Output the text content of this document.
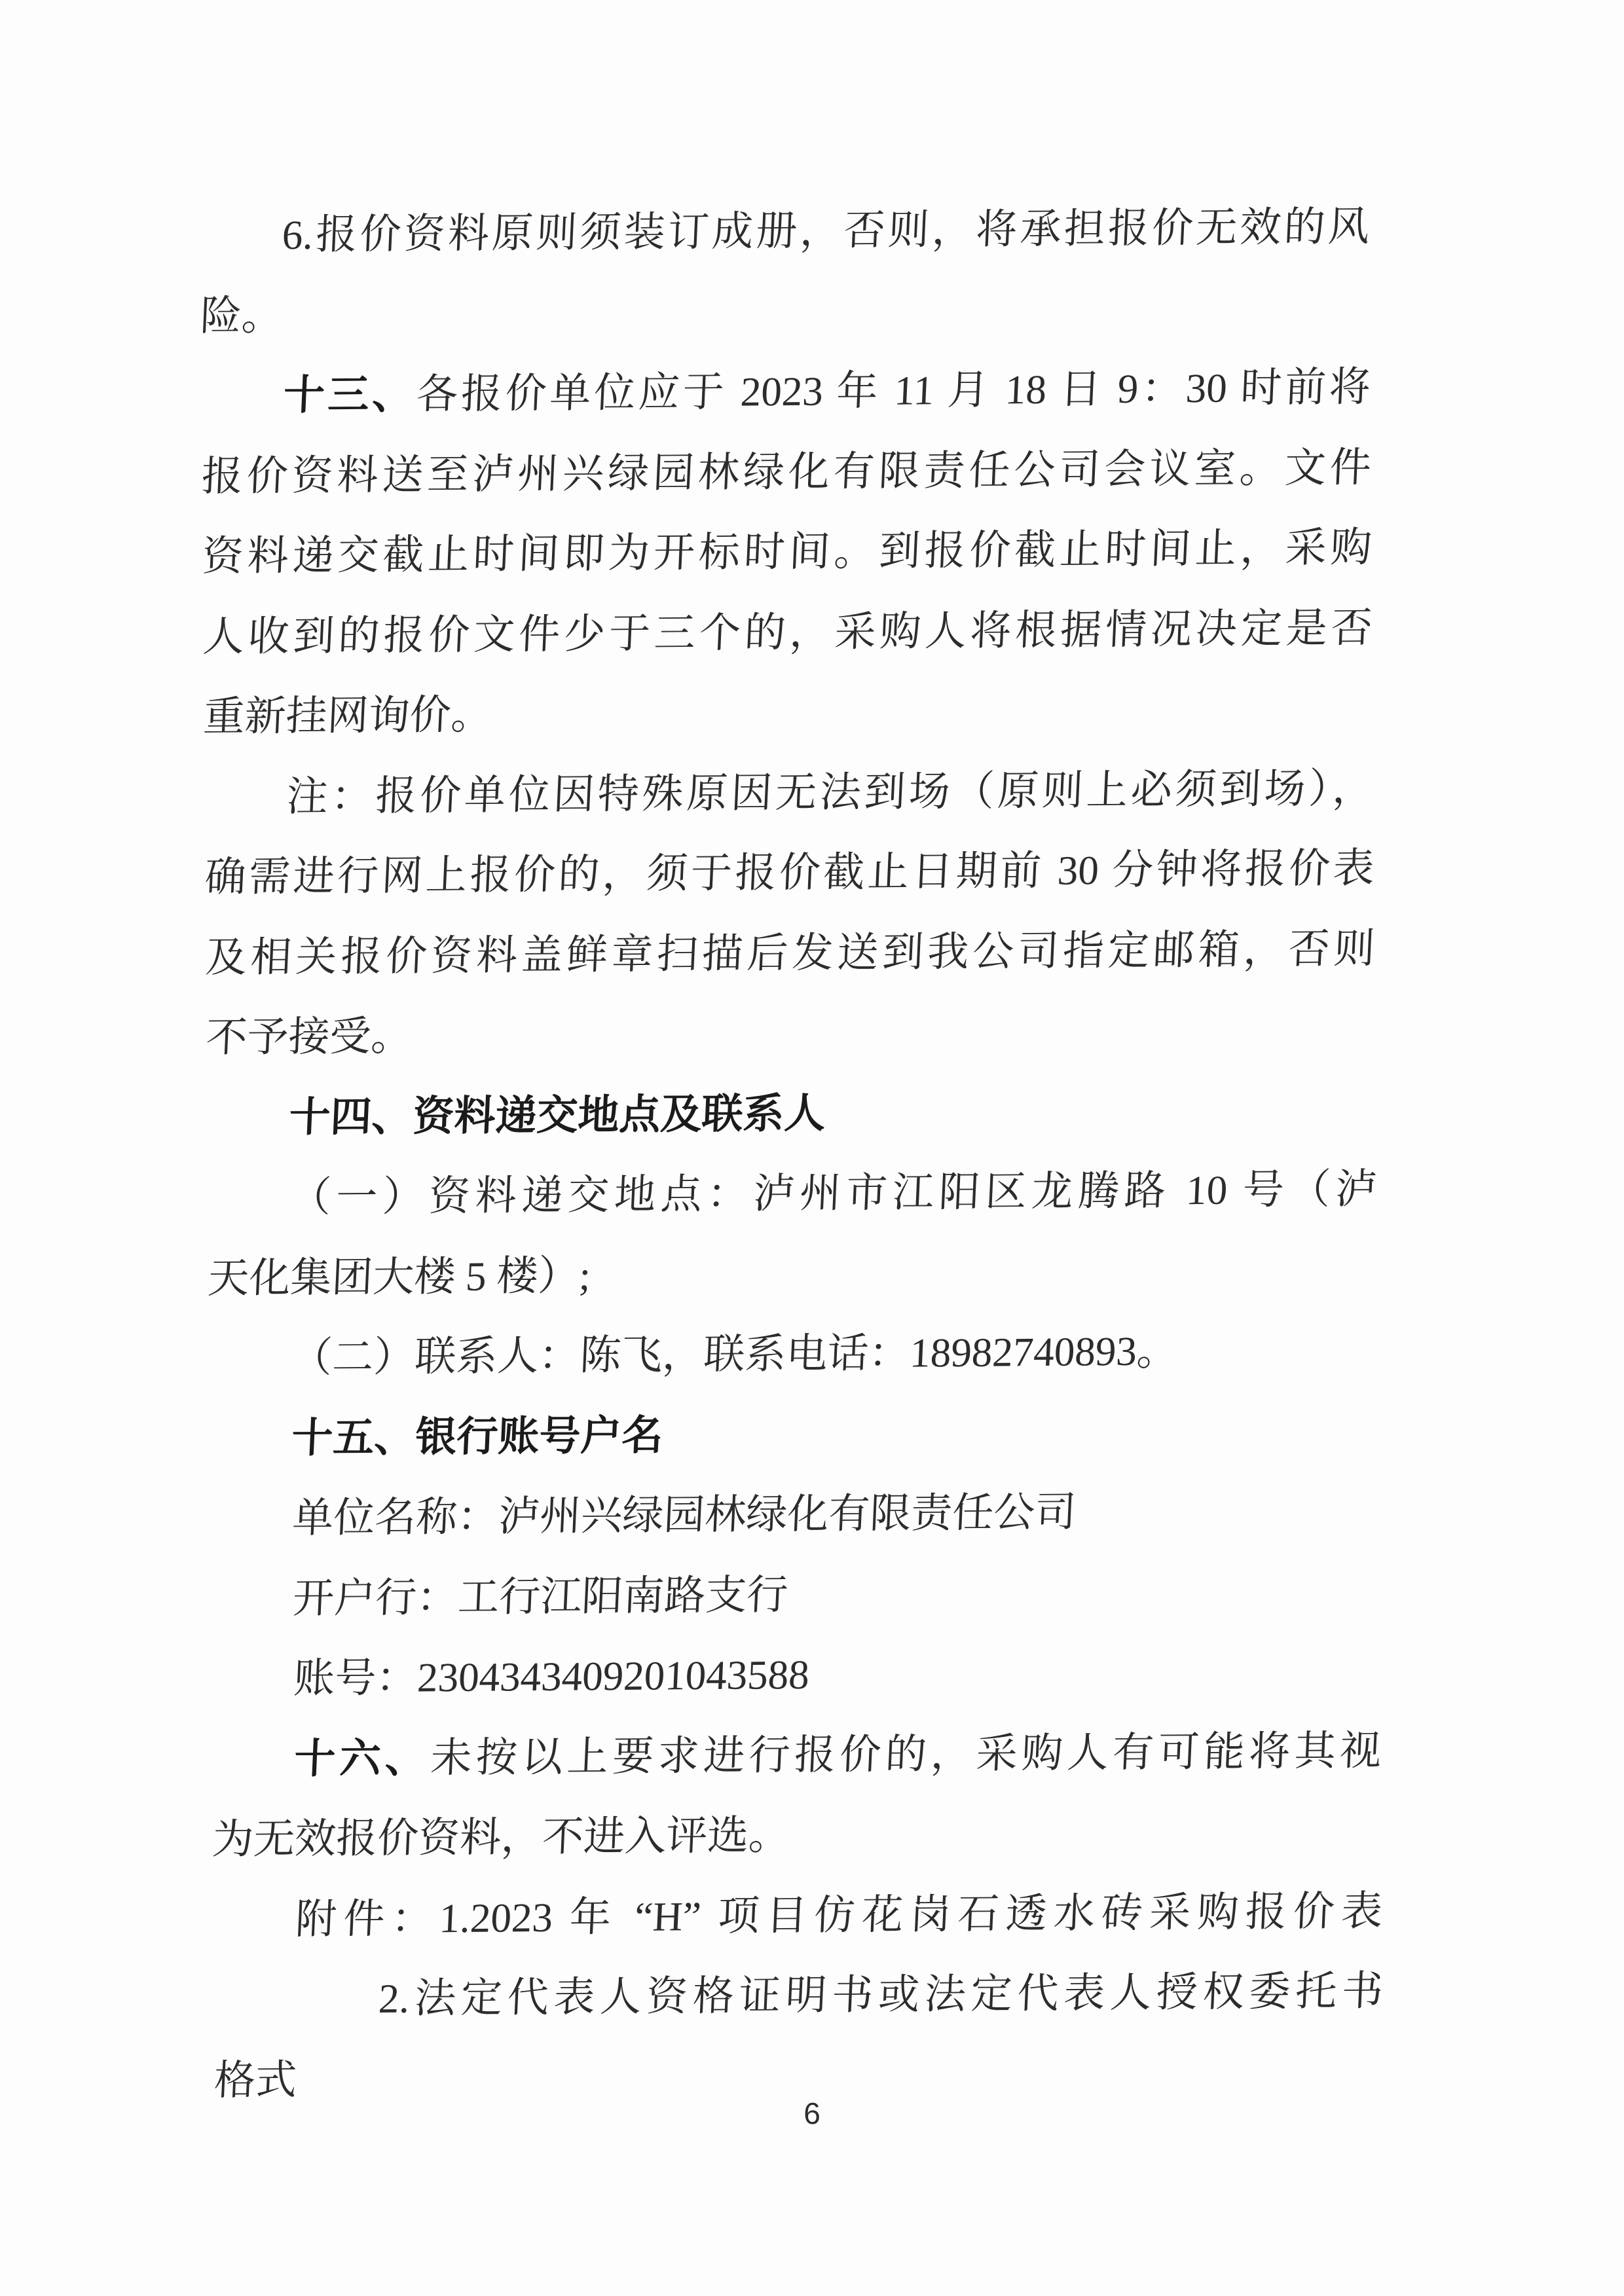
6.报价资料原则须装订成册，否则，将承担报价无效的风
险。
十三、各报价单位应于 2023 年 11 月 18 日 9：30 时前将
报价资料送至泸州兴绿园林绿化有限责任公司会议室。文件
资料递交截止时间即为开标时间。到报价截止时间止，采购
人收到的报价文件少于三个的，采购人将根据情况决定是否
重新挂网询价。
注：报价单位因特殊原因无法到场（原则上必须到场），
确需进行网上报价的，须于报价截止日期前 30 分钟将报价表
及相关报价资料盖鲜章扫描后发送到我公司指定邮箱，否则
不予接受。
十四、资料递交地点及联系人
（一）资料递交地点：泸州市江阳区龙腾路 10 号（泸
天化集团大楼 5 楼）;
（二）联系人：陈飞，联系电话：18982740893。
十五、银行账号户名
单位名称：泸州兴绿园林绿化有限责任公司
开户行：工行江阳南路支行
账号：2304343409201043588
十六、未按以上要求进行报价的，采购人有可能将其视
为无效报价资料，不进入评选。
附件：1.2023 年 “H” 项目仿花岗石透水砖采购报价表
2.法定代表人资格证明书或法定代表人授权委托书
格式
6
